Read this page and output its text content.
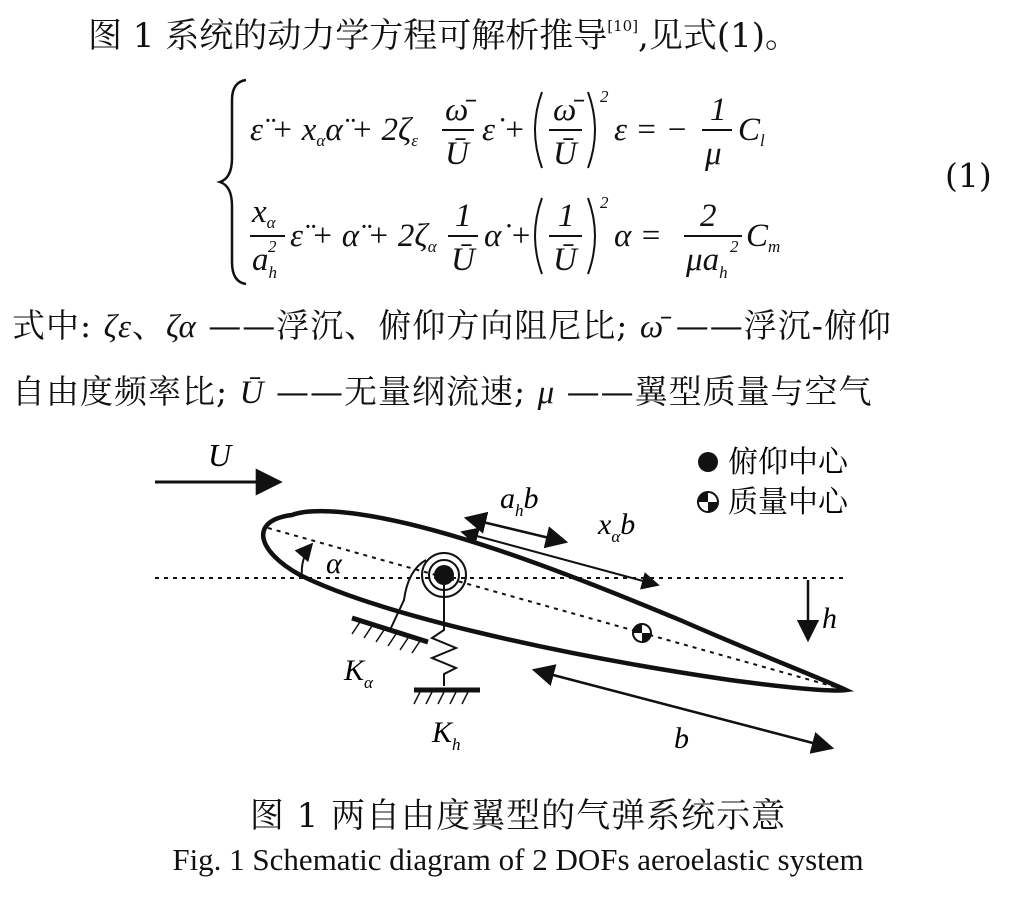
图 1 系统的动力学方程可解析推导[10],见式(1)。
ε̈ + xαα̈ + 2ζε
ω̄
Ū
ε̇ +
ω̄
Ū
2
ε = −
1
μ
Cl
xα
$a_h$
2 ε̈ + α̈ + 2ζα
1
Ū
α̇ +
1
Ū
2
α =
2
$\mu a_h$
2 Cm
(1)
式中: ζε、ζα ——浮沉、俯仰方向阻尼比; ω̄ ——浮沉-俯仰
自由度频率比; Ū ——无量纲流速; μ ——翼型质量与空气
U	俯仰中心
质量中心
α
$K_\alpha$
$K_h$
$a_hb$
$x_\alpha b$
h
b
图 1 两自由度翼型的气弹系统示意
Fig. 1 Schematic diagram of 2 DOFs aeroelastic system
